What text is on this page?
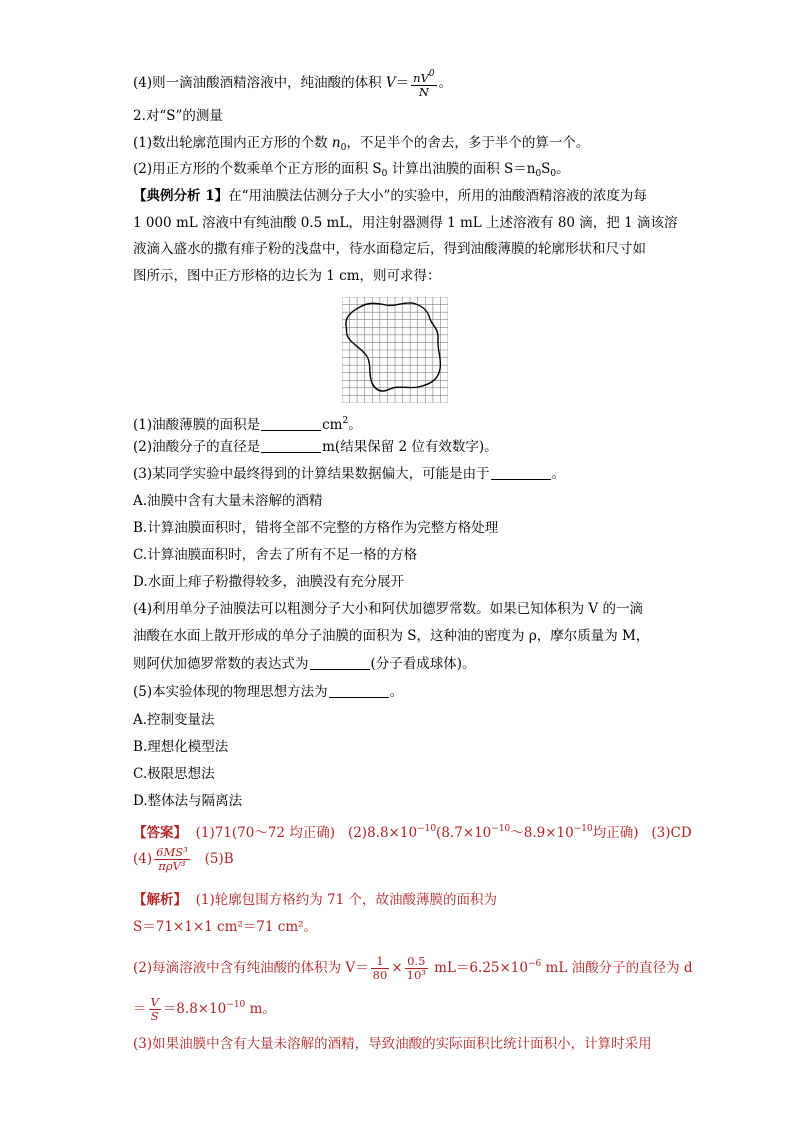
(4)则一滴油酸酒精溶液中，纯油酸的体积 $V= \frac{nV^0}{N}$ 。
2.对“S”的测量
(1)数出轮廓范围内正方形的个数 $n_0$，不足半个的舍去，多于半个的算一个。
(2)用正方形的个数乘单个正方形的面积 $S_0$ 计算出油膜的面积 $S=n_0S_0$。
【典例分析 1】在“用油膜法估测分子大小”的实验中，所用的油酸酒精溶液的浓度为每
1 000 mL 溶液中有纯油酸 0.5 mL，用注射器测得 1 mL 上述溶液有 80 滴，把 1 滴该溶
液滴入盛水的撒有痱子粉的浅盘中，待水面稳定后，得到油酸薄膜的轮廓形状和尺寸如
图所示，图中正方形格的边长为 1 cm，则可求得：
(1)油酸薄膜的面积是	$cm^2$。
(2)油酸分子的直径是	m(结果保留 2 位有效数字)。
(3)某同学实验中最终得到的计算结果数据偏大，可能是由于	。
A.油膜中含有大量未溶解的酒精
B.计算油膜面积时，错将全部不完整的方格作为完整方格处理
C.计算油膜面积时，舍去了所有不足一格的方格
D.水面上痱子粉撒得较多，油膜没有充分展开
(4)利用单分子油膜法可以粗测分子大小和阿伏加德罗常数。如果已知体积为 V 的一滴
油酸在水面上散开形成的单分子油膜的面积为 S，这种油的密度为 ρ，摩尔质量为 M，
则阿伏加德罗常数的表达式为	(分子看成球体)。
(5)本实验体现的物理思想方法为	。
A.控制变量法
B.理想化模型法
C.极限思想法
D.整体法与隔离法
【答案】 (1)71(70～72 均正确) $(2)8.8\times 10^{-10}(8.7\times 10^{-10}\sim 8.9\times 10^{-10}$均正确) (3)CD
$(4) \frac{\text{6MS³}}{\text{πρV³}} (5)B$
【解析】 (1)轮廓包围方格约为 71 个，故油酸薄膜的面积为
S＝71×1×1 cm²＝71 cm²。
(2)每滴溶液中含有纯油酸的体积为 $V= \frac{1}{80} \times \frac{0.5}{\text{10³}} mL=6.25\times 10^{-6}$ mL 油酸分子的直径为 d
＝ $\frac{V}{S} =8.8\times 10^{-10}$ m。
(3)如果油膜中含有大量未溶解的酒精，导致油酸的实际面积比统计面积小，计算时采用
